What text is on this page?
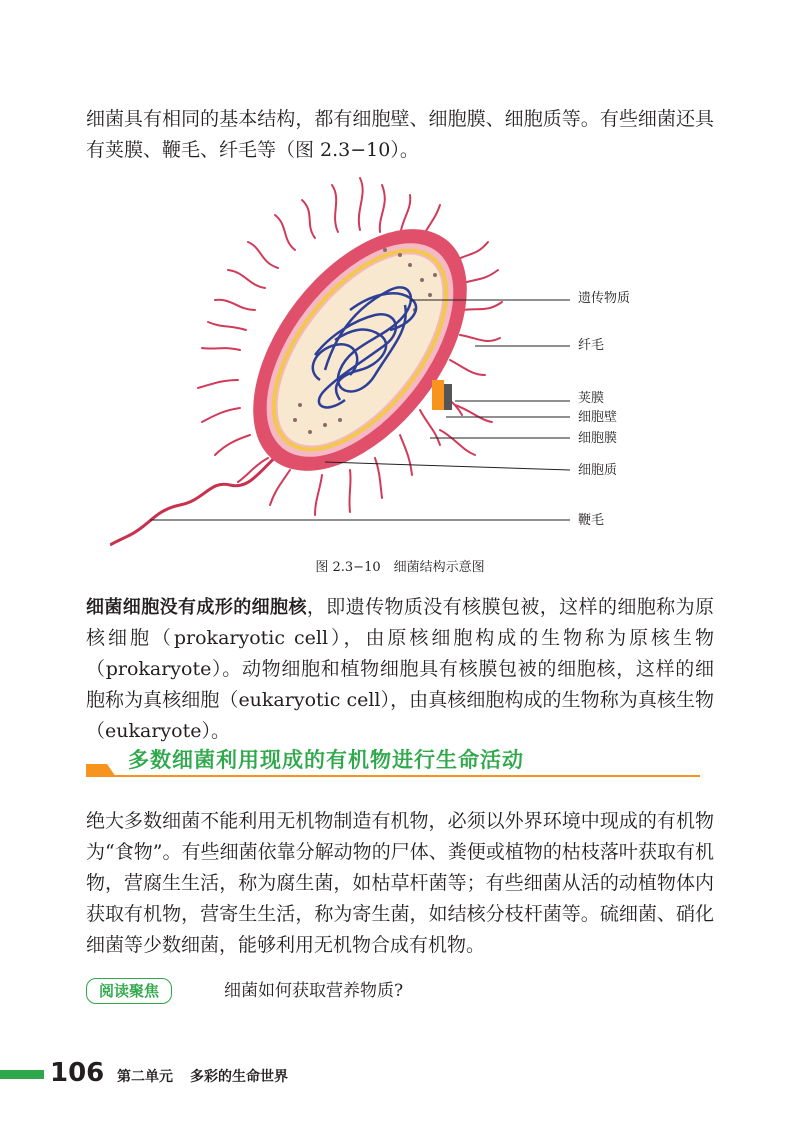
细菌具有相同的基本结构，都有细胞壁、细胞膜、细胞质等。有些细菌还具有荚膜、鞭毛、纤毛等（图 2.3−10）。

遗传物质
纤毛
荚膜
细胞壁
细胞膜
细胞质
鞭毛
图 2.3−10　细菌结构示意图

细菌细胞没有成形的细胞核，即遗传物质没有核膜包被，这样的细胞称为原核细胞（prokaryotic cell），由原核细胞构成的生物称为原核生物（prokaryote）。动物细胞和植物细胞具有核膜包被的细胞核，这样的细胞称为真核细胞（eukaryotic cell），由真核细胞构成的生物称为真核生物（eukaryote）。

多数细菌利用现成的有机物进行生命活动

绝大多数细菌不能利用无机物制造有机物，必须以外界环境中现成的有机物为“食物”。有些细菌依靠分解动物的尸体、粪便或植物的枯枝落叶获取有机物，营腐生生活，称为腐生菌，如枯草杆菌等；有些细菌从活的动植物体内获取有机物，营寄生生活，称为寄生菌，如结核分枝杆菌等。硫细菌、硝化细菌等少数细菌，能够利用无机物合成有机物。

阅读聚焦	细菌如何获取营养物质?
106 第二单元 多彩的生命世界
